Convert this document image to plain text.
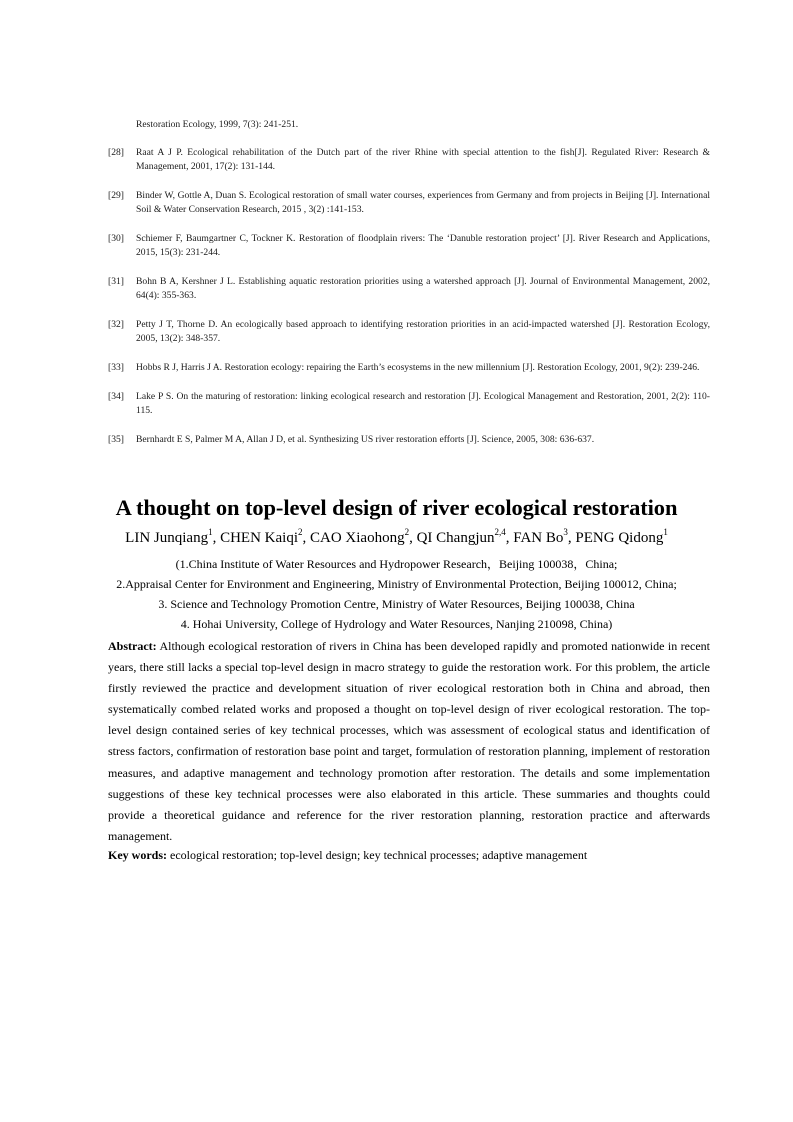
Restoration Ecology, 1999, 7(3): 241-251.
[28]	Raat A J P. Ecological rehabilitation of the Dutch part of the river Rhine with special attention to the fish[J]. Regulated River: Research & Management, 2001, 17(2): 131-144.
[29]	Binder W, Gottle A, Duan S. Ecological restoration of small water courses, experiences from Germany and from projects in Beijing [J]. International Soil & Water Conservation Research, 2015 , 3(2) :141-153.
[30]	Schiemer F, Baumgartner C, Tockner K. Restoration of floodplain rivers: The ‘Danuble restoration project’ [J]. River Research and Applications, 2015, 15(3): 231-244.
[31]	Bohn B A, Kershner J L. Establishing aquatic restoration priorities using a watershed approach [J]. Journal of Environmental Management, 2002, 64(4): 355-363.
[32]	Petty J T, Thorne D. An ecologically based approach to identifying restoration priorities in an acid-impacted watershed [J]. Restoration Ecology, 2005, 13(2): 348-357.
[33]	Hobbs R J, Harris J A. Restoration ecology: repairing the Earth’s ecosystems in the new millennium [J]. Restoration Ecology, 2001, 9(2): 239-246.
[34]	Lake P S. On the maturing of restoration: linking ecological research and restoration [J]. Ecological Management and Restoration, 2001, 2(2): 110-115.
[35]	Bernhardt E S, Palmer M A, Allan J D, et al. Synthesizing US river restoration efforts [J]. Science, 2005, 308: 636-637.
A thought on top-level design of river ecological restoration
LIN Junqiang$^1$, CHEN Kaiqi$^2$, CAO Xiaohong$^2$, QI Changjun$^{2,4}$, FAN Bo$^3$, PENG Qidong$^1$
(1.China Institute of Water Resources and Hydropower Research，Beijing 100038，China;
2.Appraisal Center for Environment and Engineering, Ministry of Environmental Protection, Beijing 100012, China;
3. Science and Technology Promotion Centre, Ministry of Water Resources, Beijing 100038, China
4. Hohai University, College of Hydrology and Water Resources, Nanjing 210098, China)
Abstract: Although ecological restoration of rivers in China has been developed rapidly and promoted nationwide in recent years, there still lacks a special top-level design in macro strategy to guide the restoration work. For this problem, the article firstly reviewed the practice and development situation of river ecological restoration both in China and abroad, then systematically combed related works and proposed a thought on top-level design of river ecological restoration. The top-level design contained series of key technical processes, which was assessment of ecological status and identification of stress factors, confirmation of restoration base point and target, formulation of restoration planning, implement of restoration measures, and adaptive management and technology promotion after restoration. The details and some implementation suggestions of these key technical processes were also elaborated in this article. These summaries and thoughts could provide a theoretical guidance and reference for the river restoration planning, restoration practice and afterwards management.
Key words: ecological restoration; top-level design; key technical processes; adaptive management
